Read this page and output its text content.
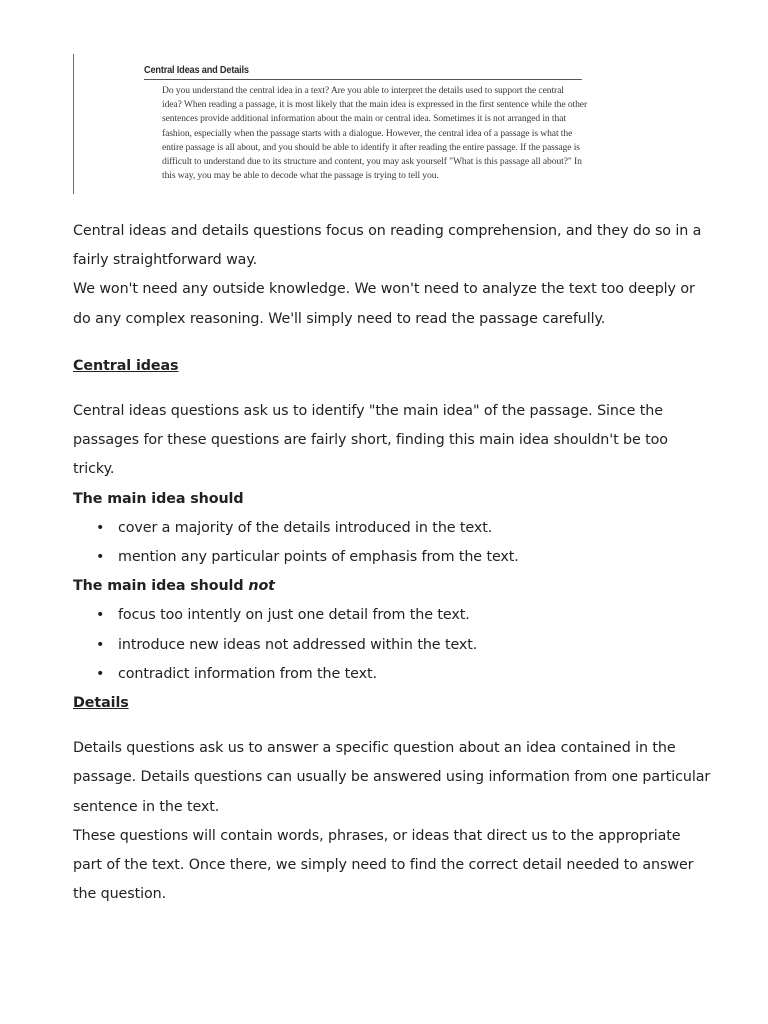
Central Ideas and Details
Do you understand the central idea in a text? Are you able to interpret the details used to support the central
idea? When reading a passage, it is most likely that the main idea is expressed in the first sentence while the other
sentences provide additional information about the main or central idea. Sometimes it is not arranged in that
fashion, especially when the passage starts with a dialogue. However, the central idea of a passage is what the
entire passage is all about, and you should be able to identify it after reading the entire passage. If the passage is
difficult to understand due to its structure and content, you may ask yourself "What is this passage all about?" In
this way, you may be able to decode what the passage is trying to tell you.

Central ideas and details questions focus on reading comprehension, and they do so in a
fairly straightforward way.
We won't need any outside knowledge. We won't need to analyze the text too deeply or
do any complex reasoning. We'll simply need to read the passage carefully.

Central ideas

Central ideas questions ask us to identify "the main idea" of the passage. Since the
passages for these questions are fairly short, finding this main idea shouldn't be too
tricky.

The main idea should

• cover a majority of the details introduced in the text.
• mention any particular points of emphasis from the text.

The main idea should not

• focus too intently on just one detail from the text.
• introduce new ideas not addressed within the text.
• contradict information from the text.

Details

Details questions ask us to answer a specific question about an idea contained in the
passage. Details questions can usually be answered using information from one particular
sentence in the text.

These questions will contain words, phrases, or ideas that direct us to the appropriate
part of the text. Once there, we simply need to find the correct detail needed to answer
the question.
